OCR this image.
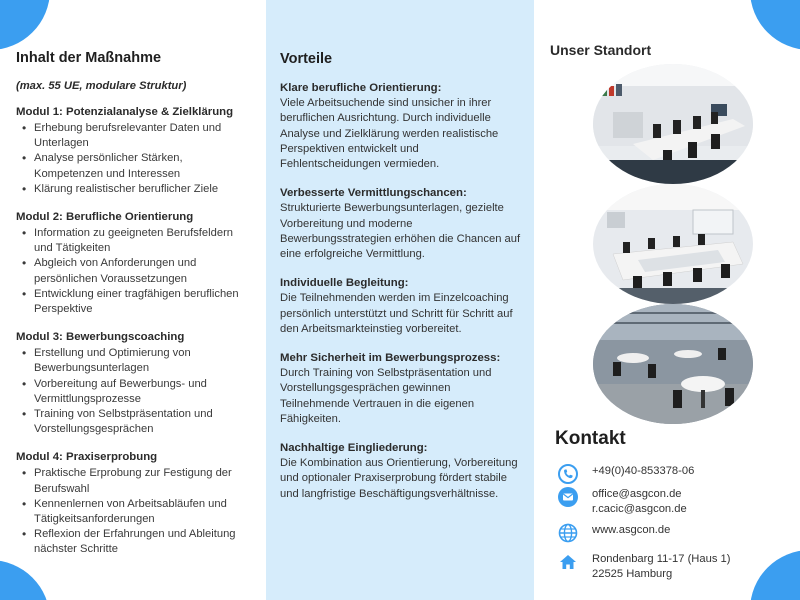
Inhalt der Maßnahme
(max. 55 UE, modulare Struktur)
Modul 1: Potenzialanalyse & Zielklärung
• Erhebung berufsrelevanter Daten und Unterlagen
• Analyse persönlicher Stärken, Kompetenzen und Interessen
• Klärung realistischer beruflicher Ziele
Modul 2: Berufliche Orientierung
• Information zu geeigneten Berufsfeldern und Tätigkeiten
• Abgleich von Anforderungen und persönlichen Voraussetzungen
• Entwicklung einer tragfähigen beruflichen Perspektive
Modul 3: Bewerbungscoaching
• Erstellung und Optimierung von Bewerbungsunterlagen
• Vorbereitung auf Bewerbungs- und Vermittlungsprozesse
• Training von Selbstpräsentation und Vorstellungsgesprächen
Modul 4: Praxiserprobung
• Praktische Erprobung zur Festigung der Berufswahl
• Kennenlernen von Arbeitsabläufen und Tätigkeitsanforderungen
• Reflexion der Erfahrungen und Ableitung nächster Schritte
Vorteile
Klare berufliche Orientierung:
Viele Arbeitsuchende sind unsicher in ihrer beruflichen Ausrichtung. Durch individuelle Analyse und Zielklärung werden realistische Perspektiven entwickelt und Fehlentscheidungen vermieden.
Verbesserte Vermittlungschancen:
Strukturierte Bewerbungsunterlagen, gezielte Vorbereitung und moderne Bewerbungsstrategien erhöhen die Chancen auf eine erfolgreiche Vermittlung.
Individuelle Begleitung:
Die Teilnehmenden werden im Einzelcoaching persönlich unterstützt und Schritt für Schritt auf den Arbeitsmarkteinstieg vorbereitet.
Mehr Sicherheit im Bewerbungsprozess:
Durch Training von Selbstpräsentation und Vorstellungsgesprächen gewinnen Teilnehmende Vertrauen in die eigenen Fähigkeiten.
Nachhaltige Eingliederung:
Die Kombination aus Orientierung, Vorbereitung und optionaler Praxiserprobung fördert stabile und langfristige Beschäftigungsverhältnisse.
Unser Standort
Kontakt
+49(0)40-853378-06
office@asgcon.de
r.cacic@asgcon.de
www.asgcon.de
Rondenbarg 11-17 (Haus 1)
22525 Hamburg
